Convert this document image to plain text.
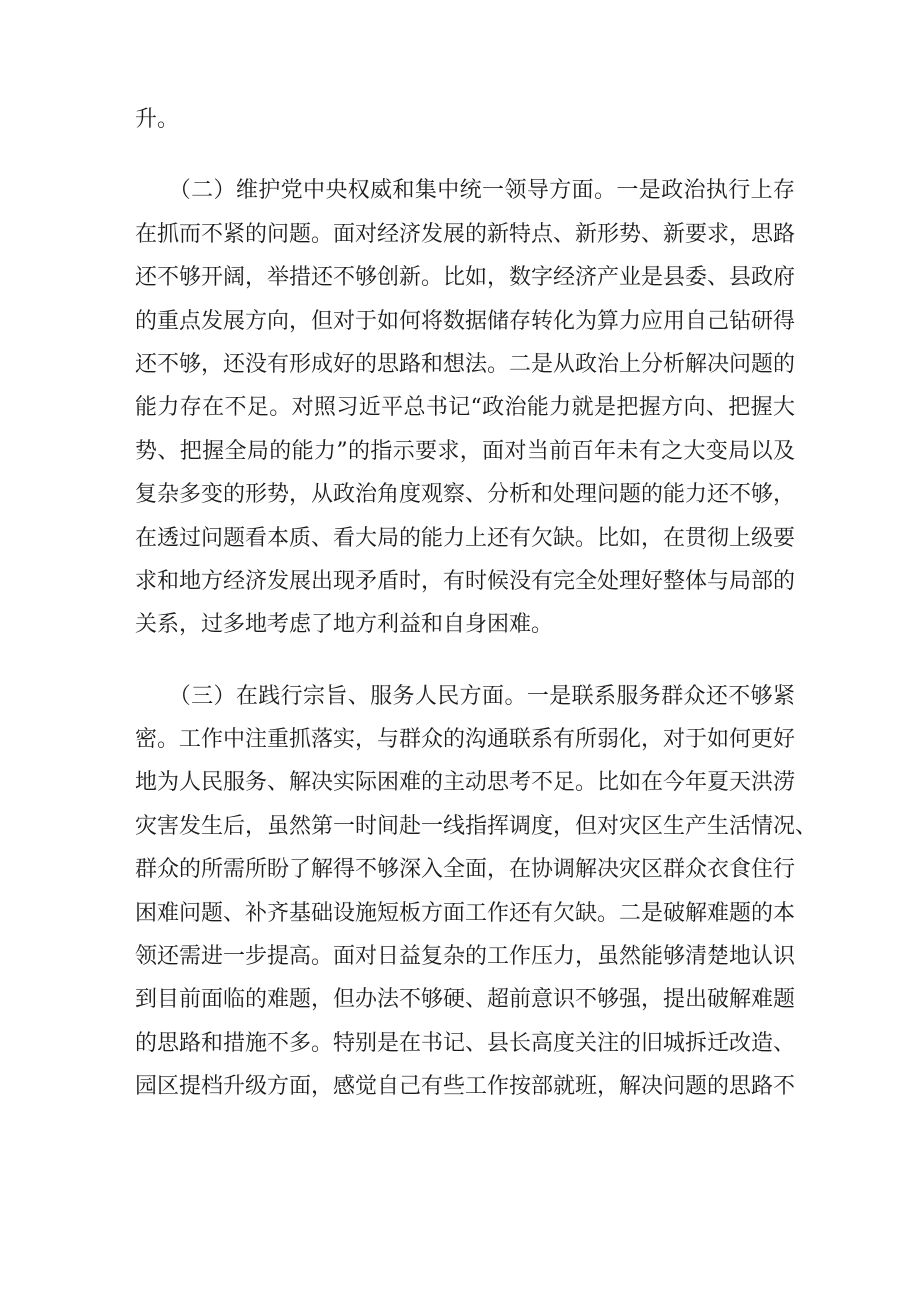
升。
　　（二）维护党中央权威和集中统一领导方面。一是政治执行上存
在抓而不紧的问题。面对经济发展的新特点、新形势、新要求，思路
还不够开阔，举措还不够创新。比如，数字经济产业是县委、县政府
的重点发展方向，但对于如何将数据储存转化为算力应用自己钻研得
还不够，还没有形成好的思路和想法。二是从政治上分析解决问题的
能力存在不足。对照习近平总书记“政治能力就是把握方向、把握大
势、把握全局的能力”的指示要求，面对当前百年未有之大变局以及
复杂多变的形势，从政治角度观察、分析和处理问题的能力还不够，
在透过问题看本质、看大局的能力上还有欠缺。比如，在贯彻上级要
求和地方经济发展出现矛盾时，有时候没有完全处理好整体与局部的
关系，过多地考虑了地方利益和自身困难。
　　（三）在践行宗旨、服务人民方面。一是联系服务群众还不够紧
密。工作中注重抓落实，与群众的沟通联系有所弱化，对于如何更好
地为人民服务、解决实际困难的主动思考不足。比如在今年夏天洪涝
灾害发生后，虽然第一时间赴一线指挥调度，但对灾区生产生活情况、
群众的所需所盼了解得不够深入全面，在协调解决灾区群众衣食住行
困难问题、补齐基础设施短板方面工作还有欠缺。二是破解难题的本
领还需进一步提高。面对日益复杂的工作压力，虽然能够清楚地认识
到目前面临的难题，但办法不够硬、超前意识不够强，提出破解难题
的思路和措施不多。特别是在书记、县长高度关注的旧城拆迁改造、
园区提档升级方面，感觉自己有些工作按部就班，解决问题的思路不
